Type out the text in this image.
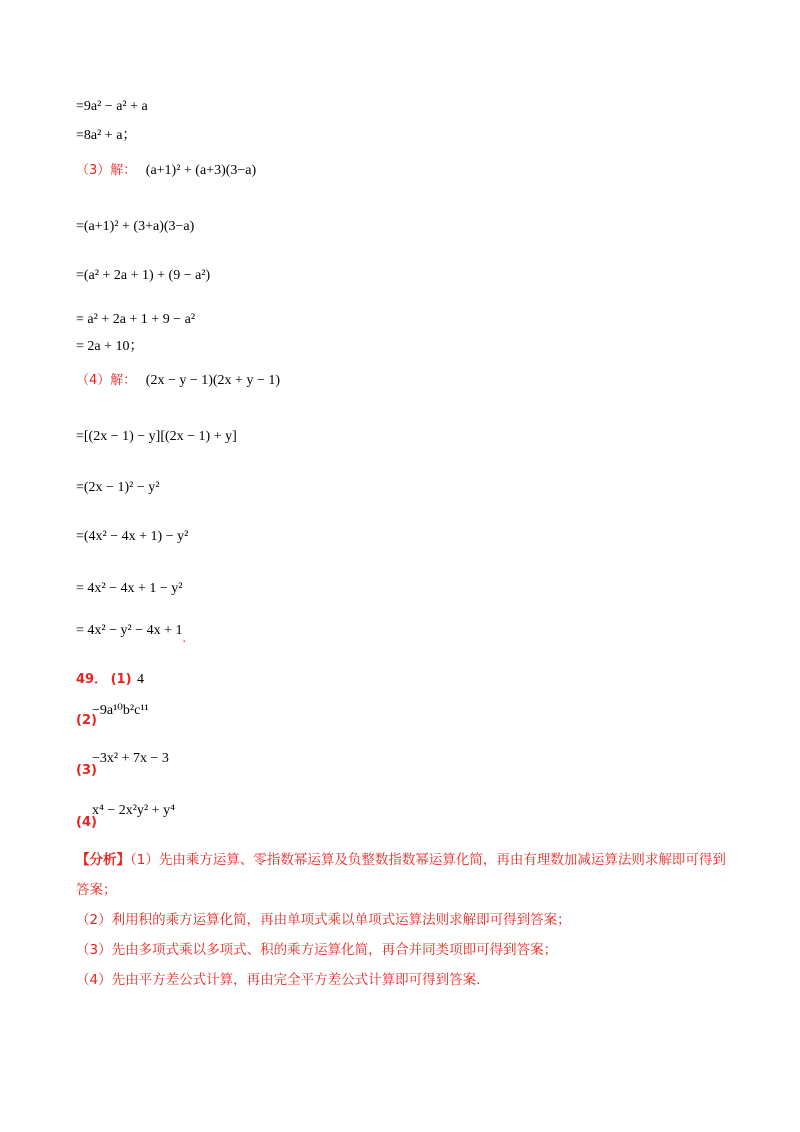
=9a² − a² + a
=8a² + a；
（3）解： (a+1)² + (a+3)(3−a)
=(a+1)² + (3+a)(3−a)
=(a² + 2a + 1) + (9 − a²)
= a² + 2a + 1 + 9 − a²
= 2a + 10；
（4）解： (2x − y − 1)(2x + y − 1)
=[(2x − 1) − y][(2x − 1) + y]
=(2x − 1)² − y²
=(4x² − 4x + 1) − y²
= 4x² − 4x + 1 − y²
= 4x² − y² − 4x + 1.
49． (1) 4
(2)
−9a¹⁰b²c¹¹
(3)
−3x² + 7x − 3
(4)
x⁴ − 2x²y² + y⁴
【分析】（1）先由乘方运算、零指数幂运算及负整数指数幂运算化简，再由有理数加减运算法则求解即可得到答案；
（2）利用积的乘方运算化简，再由单项式乘以单项式运算法则求解即可得到答案；
（3）先由多项式乘以多项式、积的乘方运算化简，再合并同类项即可得到答案；
（4）先由平方差公式计算，再由完全平方差公式计算即可得到答案.
